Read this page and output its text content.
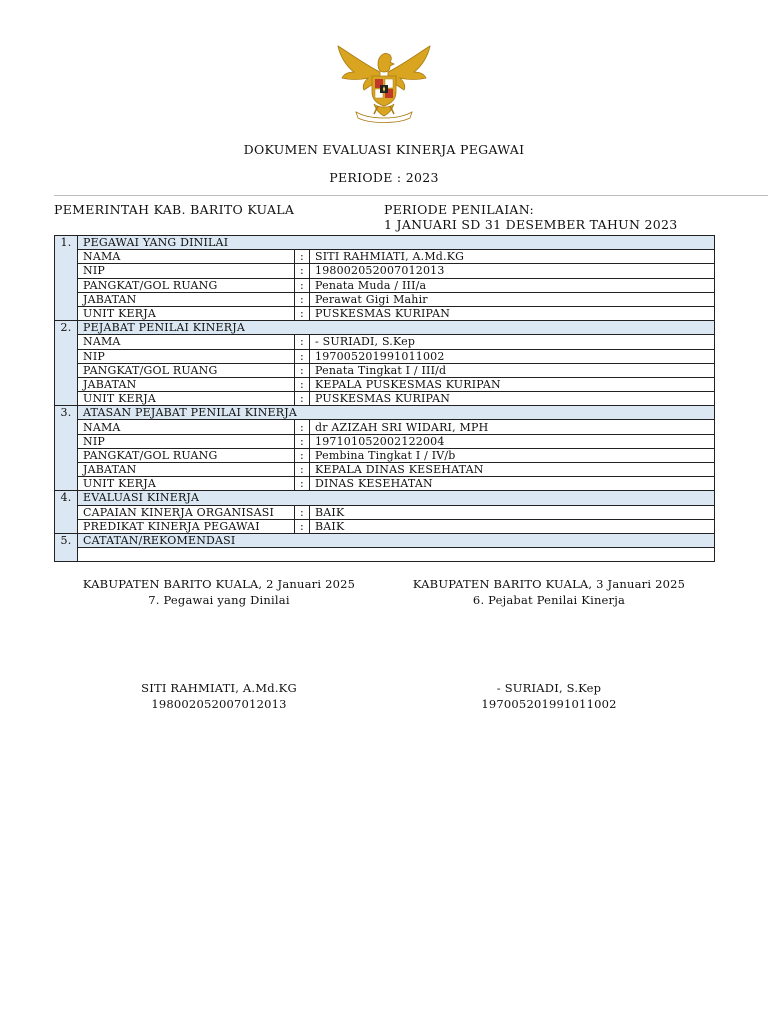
DOKUMEN EVALUASI KINERJA PEGAWAI
PERIODE : 2023
PEMERINTAH KAB. BARITO KUALA	PERIODE PENILAIAN:
1 JANUARI SD 31 DESEMBER TAHUN 2023
1.	PEGAWAI YANG DINILAI		
	NAMA	:	SITI RAHMIATI, A.Md.KG
	NIP	:	198002052007012013
	PANGKAT/GOL RUANG	:	Penata Muda / III/a
	JABATAN	:	Perawat Gigi Mahir
	UNIT KERJA	:	PUSKESMAS KURIPAN
2.	PEJABAT PENILAI KINERJA		
	NAMA	:	- SURIADI, S.Kep
	NIP	:	197005201991011002
	PANGKAT/GOL RUANG	:	Penata Tingkat I / III/d
	JABATAN	:	KEPALA PUSKESMAS KURIPAN
	UNIT KERJA	:	PUSKESMAS KURIPAN
3.	ATASAN PEJABAT PENILAI KINERJA		
	NAMA	:	dr AZIZAH SRI WIDARI, MPH
	NIP	:	197101052002122004
	PANGKAT/GOL RUANG	:	Pembina Tingkat I / IV/b
	JABATAN	:	KEPALA DINAS KESEHATAN
	UNIT KERJA	:	DINAS KESEHATAN
4.	EVALUASI KINERJA		
	CAPAIAN KINERJA ORGANISASI	:	BAIK
	PREDIKAT KINERJA PEGAWAI	:	BAIK
5.	CATATAN/REKOMENDASI		

KABUPATEN BARITO KUALA, 2 Januari 2025
7. Pegawai yang Dinilai
KABUPATEN BARITO KUALA, 3 Januari 2025
6. Pejabat Penilai Kinerja
SITI RAHMIATI, A.Md.KG
198002052007012013
- SURIADI, S.Kep
197005201991011002
